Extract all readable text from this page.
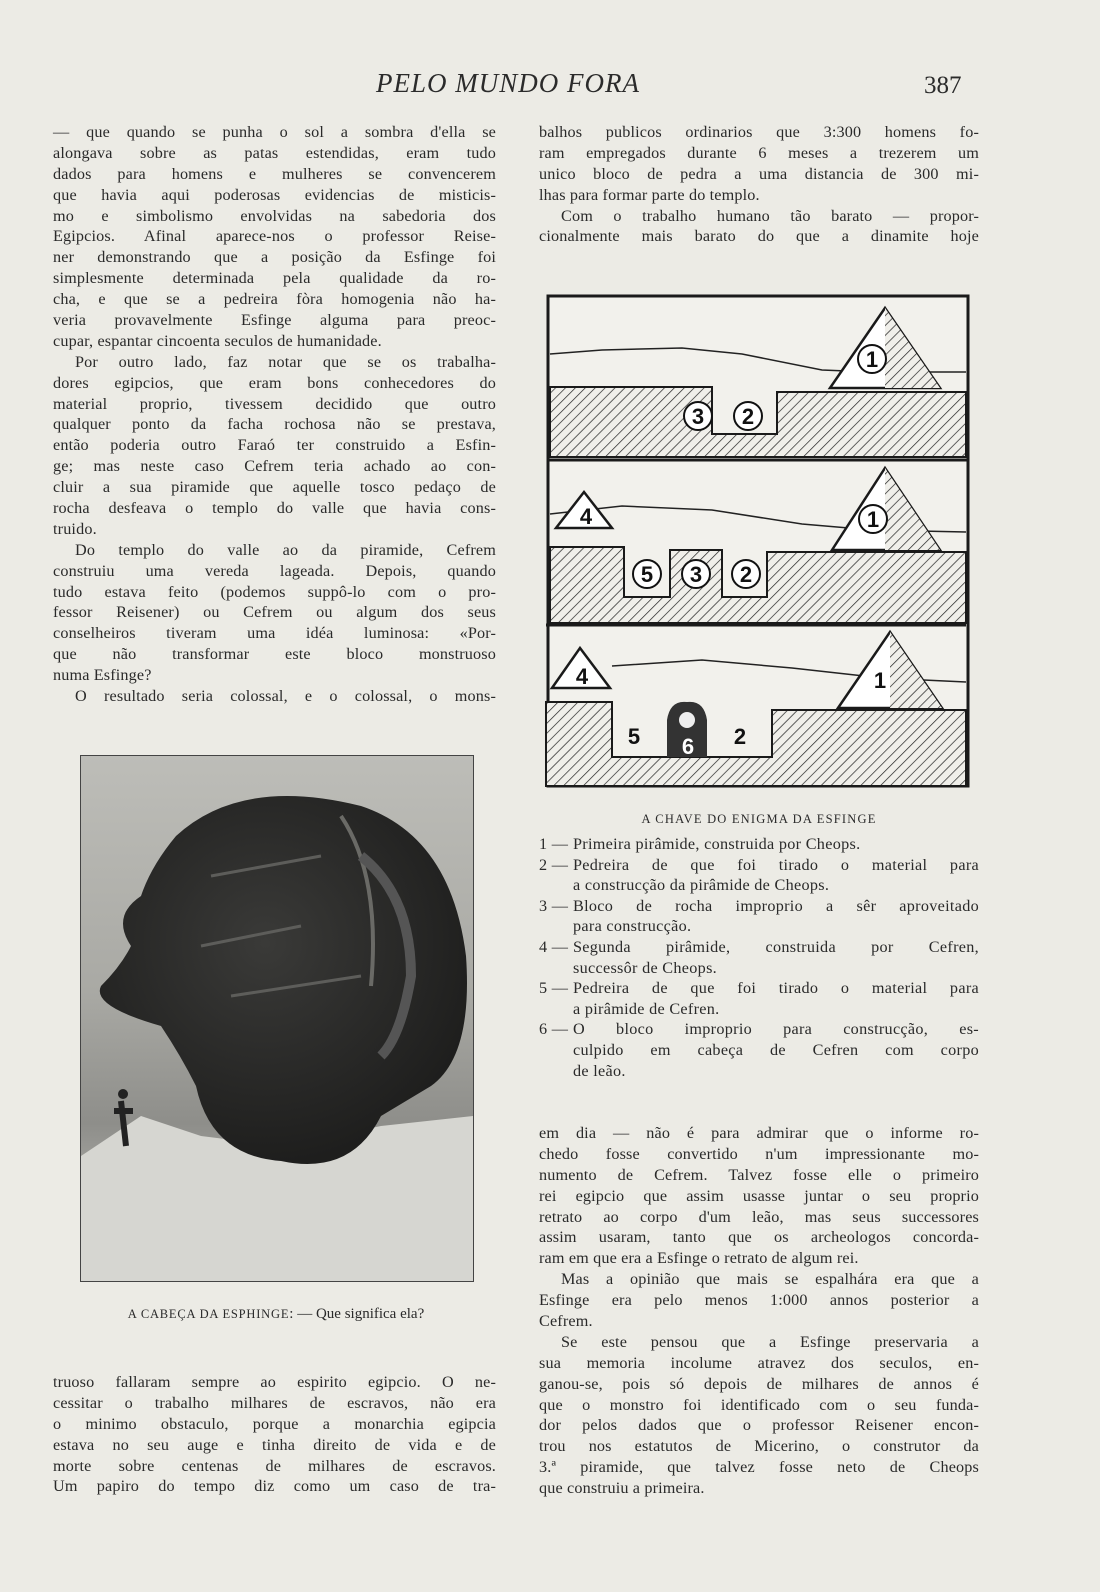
PELO MUNDO FORA	387
— que quando se punha o sol a sombra d'ella se
alongava sobre as patas estendidas, eram tudo
dados para homens e mulheres se convencerem
que havia aqui poderosas evidencias de misticis-
mo e simbolismo envolvidas na sabedoria dos
Egipcios. Afinal aparece-nos o professor Reise-
ner demonstrando que a posição da Esfinge foi
simplesmente determinada pela qualidade da ro-
cha, e que se a pedreira fòra homogenia não ha-
veria provavelmente Esfinge alguma para preoc-
cupar, espantar cincoenta seculos de humanidade.
Por outro lado, faz notar que se os trabalha-
dores egipcios, que eram bons conhecedores do
material proprio, tivessem decidido que outro
qualquer ponto da facha rochosa não se prestava,
então poderia outro Faraó ter construido a Esfin-
ge; mas neste caso Cefrem teria achado ao con-
cluir a sua piramide que aquelle tosco pedaço de
rocha desfeava o templo do valle que havia cons-
truido.
Do templo do valle ao da piramide, Cefrem
construiu uma vereda lageada. Depois, quando
tudo estava feito (podemos suppô-lo com o pro-
fessor Reisener) ou Cefrem ou algum dos seus
conselheiros tiveram uma idéa luminosa: «Por-
que não transformar este bloco monstruoso
numa Esfinge?
O resultado seria colossal, e o colossal, o mons-
truoso fallaram sempre ao espirito egipcio. O ne-
cessitar o trabalho milhares de escravos, não era
o minimo obstaculo, porque a monarchia egipcia
estava no seu auge e tinha direito de vida e de
morte sobre centenas de milhares de escravos.
Um papiro do tempo diz como um caso de tra-
balhos publicos ordinarios que 3:300 homens fo-
ram empregados durante 6 meses a trezerem um
unico bloco de pedra a uma distancia de 300 mi-
lhas para formar parte do templo.
Com o trabalho humano tão barato — propor-
cionalmente mais barato do que a dinamite hoje
em dia — não é para admirar que o informe ro-
chedo fosse convertido n'um impressionante mo-
numento de Cefrem. Talvez fosse elle o primeiro
rei egipcio que assim usasse juntar o seu proprio
retrato ao corpo d'um leão, mas seus successores
assim usaram, tanto que os archeologos concorda-
ram em que era a Esfinge o retrato de algum rei.
Mas a opinião que mais se espalhára era que a
Esfinge era pelo menos 1:000 annos posterior a
Cefrem.
Se este pensou que a Esfinge preservaria a
sua memoria incolume atravez dos seculos, en-
ganou-se, pois só depois de milhares de annos é
que o monstro foi identificado com o seu funda-
dor pelos dados que o professor Reisener encon-
trou nos estatutos de Micerino, o construtor da
3.ª piramide, que talvez fosse neto de Cheops
que construiu a primeira.
A CABEÇA DA ESPHINGE: — Que significa ela?
1
3 2
4	1
5 3 2
4	1
5 6 2
A CHAVE DO ENIGMA DA ESFINGE
1 — Primeira pirâmide, construida por Cheops.
2 — Pedreira de que foi tirado o material para
a construcção da pirâmide de Cheops.
3 — Bloco de rocha improprio a sêr aproveitado
para construcção.
4 — Segunda pirâmide, construida por Cefren,
successôr de Cheops.
5 — Pedreira de que foi tirado o material para
a pirâmide de Cefren.
6 — O bloco improprio para construcção, es-
culpido em cabeça de Cefren com corpo
de leão.
